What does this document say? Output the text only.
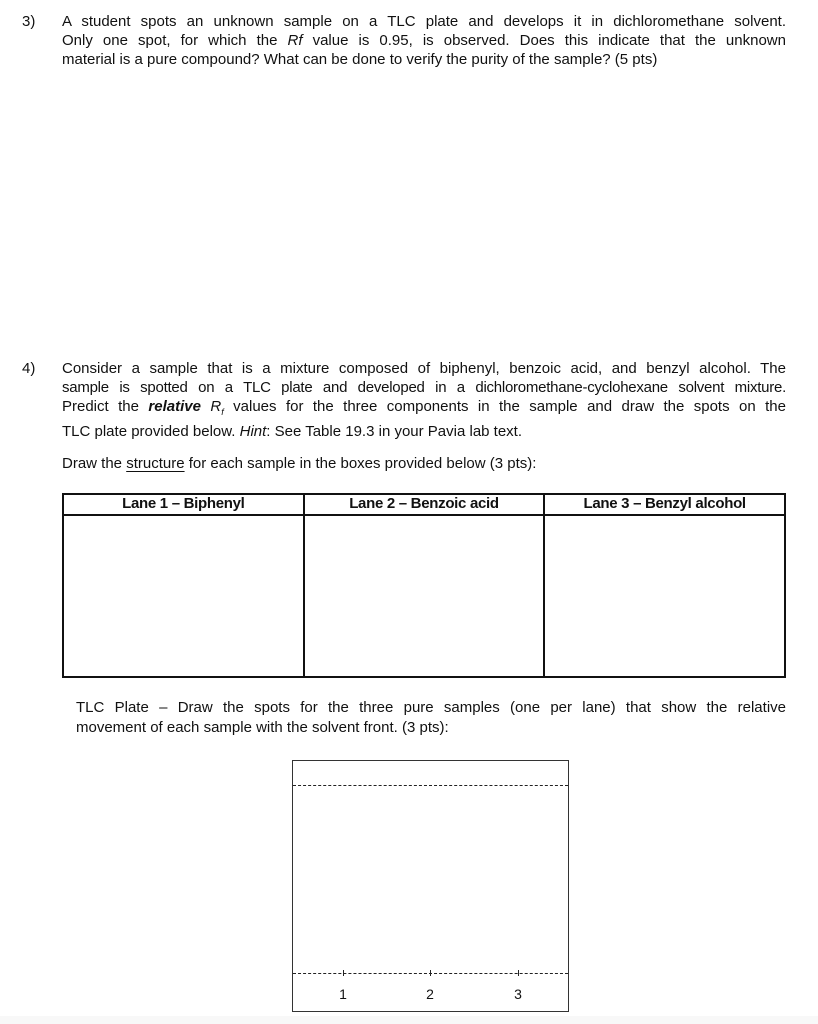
3) A student spots an unknown sample on a TLC plate and develops it in dichloromethane solvent.
Only one spot, for which the Rf value is 0.95, is observed. Does this indicate that the unknown
material is a pure compound? What can be done to verify the purity of the sample? (5 pts)
4) Consider a sample that is a mixture composed of biphenyl, benzoic acid, and benzyl alcohol. The
sample is spotted on a TLC plate and developed in a dichloromethane-cyclohexane solvent mixture.
Predict the relative $R_f$ values for the three components in the sample and draw the spots on the
TLC plate provided below. Hint: See Table 19.3 in your Pavia lab text.
Draw the structure for each sample in the boxes provided below (3 pts):
Lane 1 – Biphenyl	Lane 2 – Benzoic acid	Lane 3 – Benzyl alcohol

TLC Plate – Draw the spots for the three pure samples (one per lane) that show the relative
movement of each sample with the solvent front. (3 pts):
1	2	3
